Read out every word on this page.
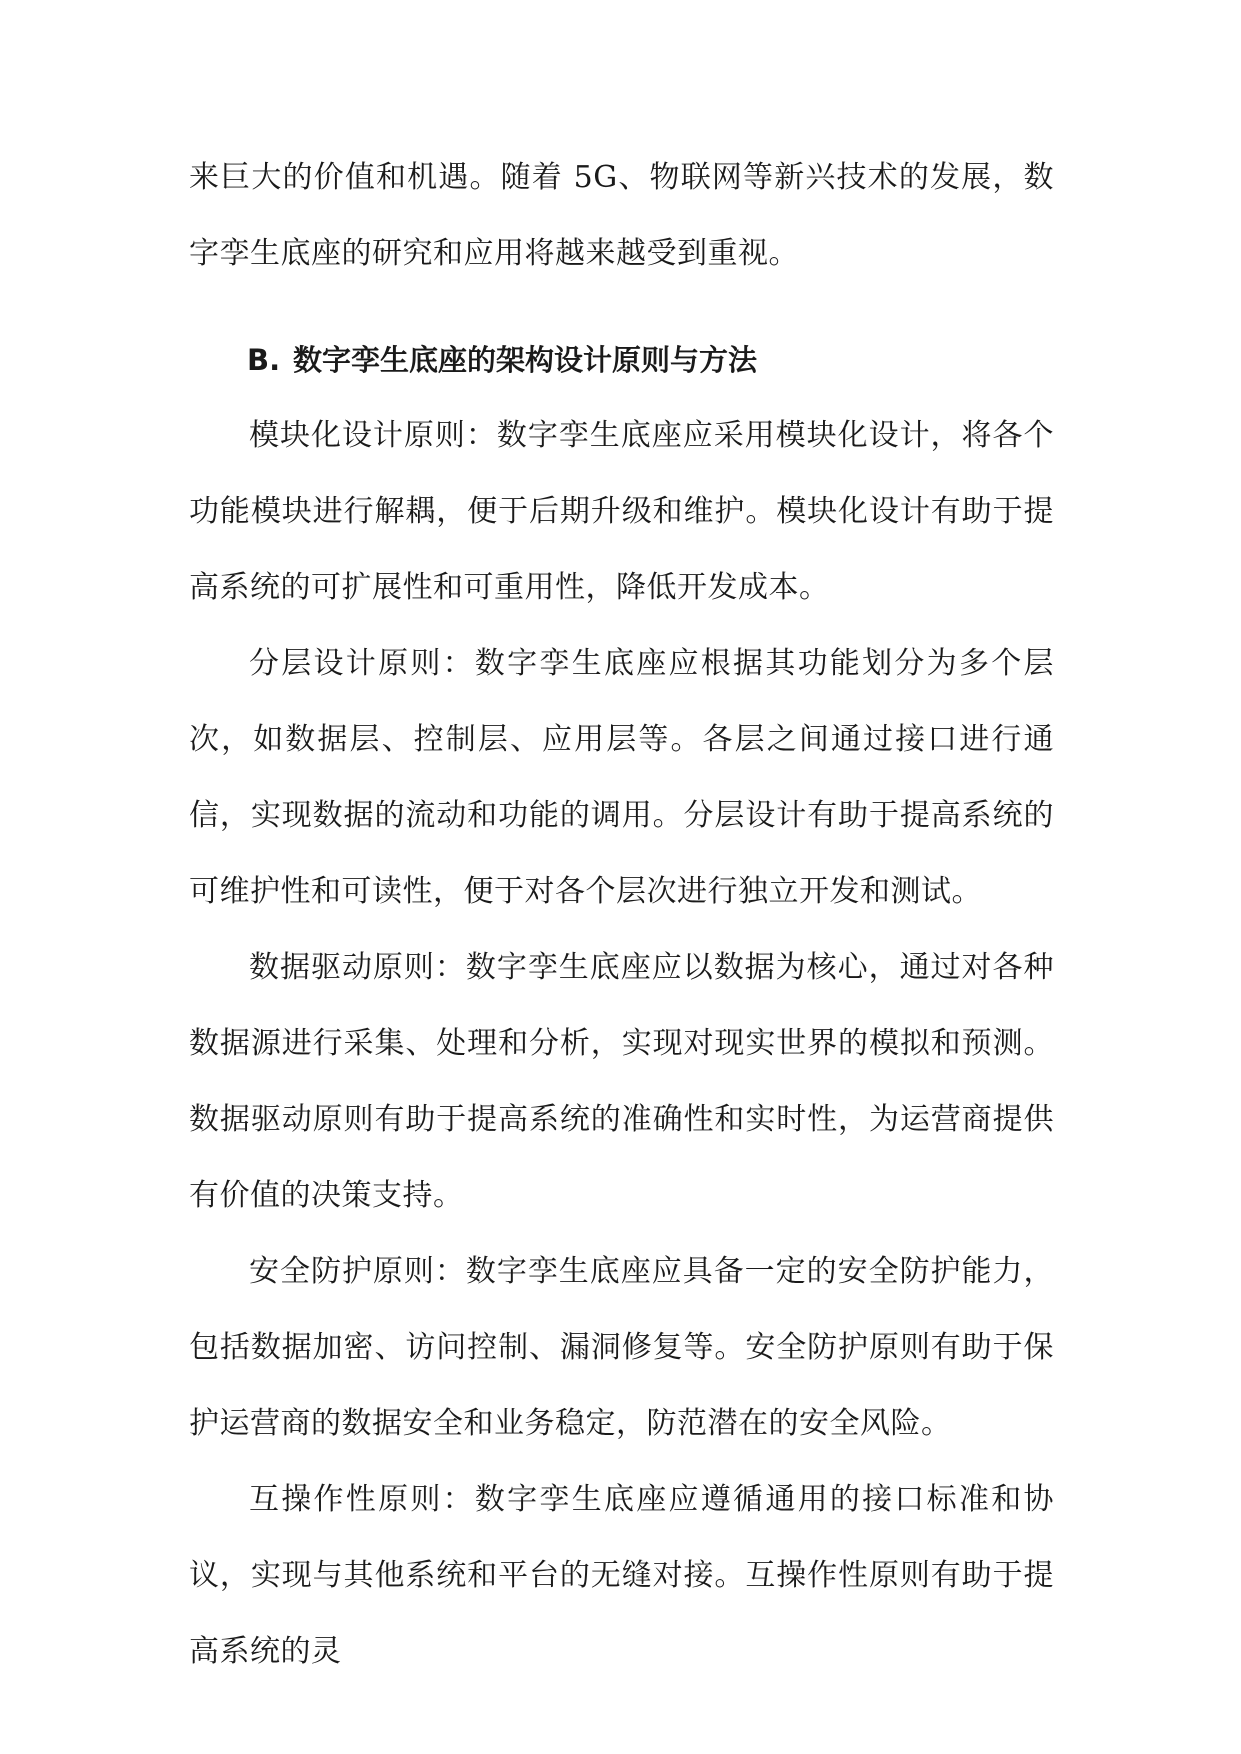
来巨大的价值和机遇。随着 5G、物联网等新兴技术的发展，数字孪生底座的研究和应用将越来越受到重视。

B. 数字孪生底座的架构设计原则与方法

模块化设计原则：数字孪生底座应采用模块化设计，将各个功能模块进行解耦，便于后期升级和维护。模块化设计有助于提高系统的可扩展性和可重用性，降低开发成本。

分层设计原则：数字孪生底座应根据其功能划分为多个层次，如数据层、控制层、应用层等。各层之间通过接口进行通信，实现数据的流动和功能的调用。分层设计有助于提高系统的可维护性和可读性，便于对各个层次进行独立开发和测试。

数据驱动原则：数字孪生底座应以数据为核心，通过对各种数据源进行采集、处理和分析，实现对现实世界的模拟和预测。数据驱动原则有助于提高系统的准确性和实时性，为运营商提供有价值的决策支持。

安全防护原则：数字孪生底座应具备一定的安全防护能力，包括数据加密、访问控制、漏洞修复等。安全防护原则有助于保护运营商的数据安全和业务稳定，防范潜在的安全风险。

互操作性原则：数字孪生底座应遵循通用的接口标准和协议，实现与其他系统和平台的无缝对接。互操作性原则有助于提高系统的灵
